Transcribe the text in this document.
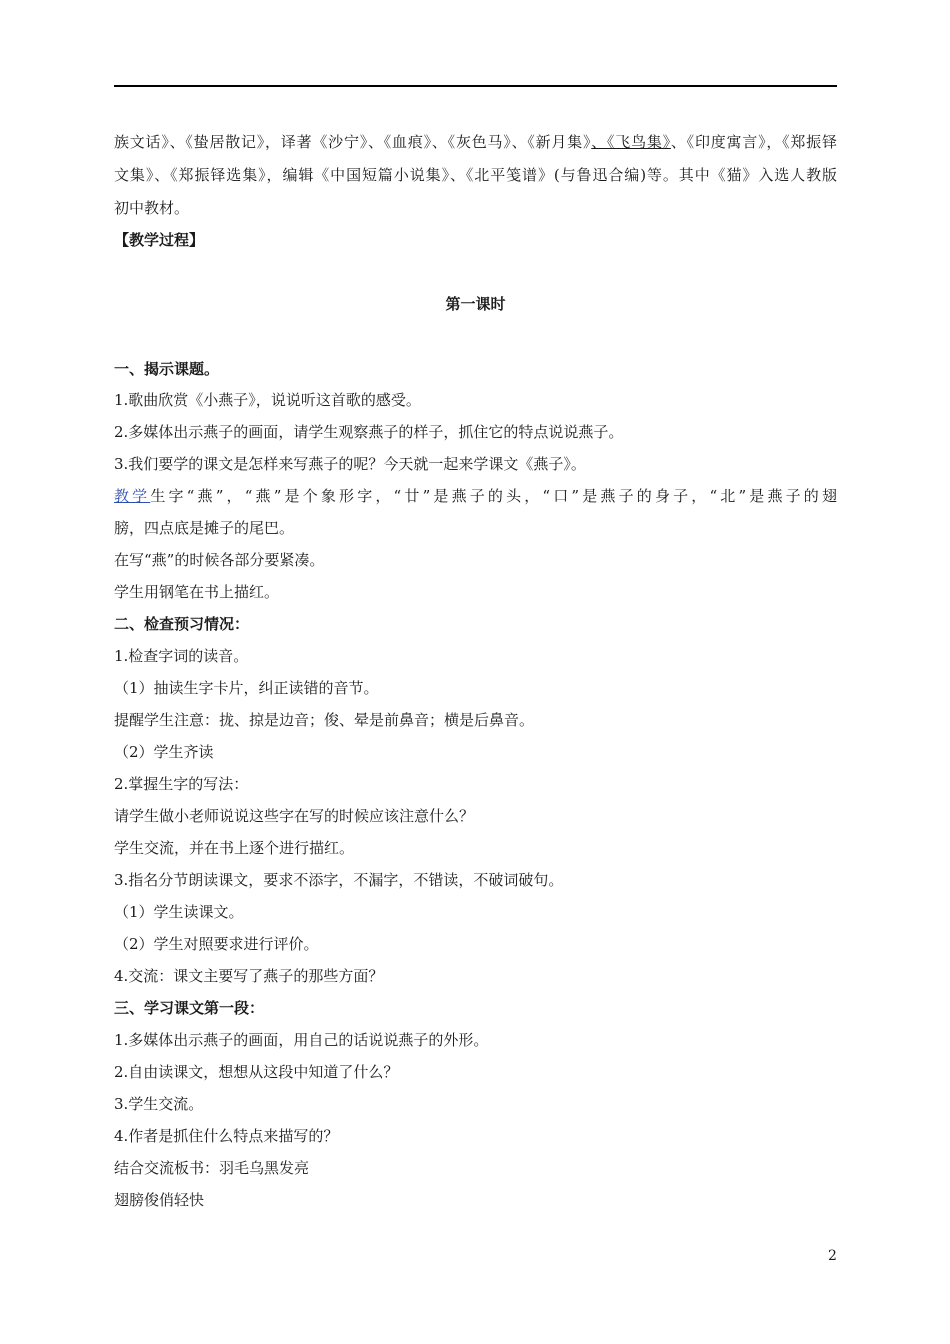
族文话》、《蛰居散记》，译著《沙宁》、《血痕》、《灰色马》、《新月集》、《飞鸟集》、《印度寓言》，《郑振铎
文集》、《郑振铎选集》，编辑《中国短篇小说集》、《北平笺谱》(与鲁迅合编)等。其中《猫》入选人教版
初中教材。
【教学过程】
第一课时
一、揭示课题。
1.歌曲欣赏《小燕子》，说说听这首歌的感受。
2.多媒体出示燕子的画面，请学生观察燕子的样子，抓住它的特点说说燕子。
3.我们要学的课文是怎样来写燕子的呢？今天就一起来学课文《燕子》。
教学生字“燕”，“燕”是个象形字，“廿”是燕子的头，“口”是燕子的身子，“北”是燕子的翅
膀，四点底是摊子的尾巴。
在写“燕”的时候各部分要紧凑。
学生用钢笔在书上描红。
二、检查预习情况：
1.检查字词的读音。
（1）抽读生字卡片，纠正读错的音节。
提醒学生注意：拢、掠是边音；俊、晕是前鼻音；横是后鼻音。
（2）学生齐读
2.掌握生字的写法：
请学生做小老师说说这些字在写的时候应该注意什么？
学生交流，并在书上逐个进行描红。
3.指名分节朗读课文，要求不添字，不漏字，不错读，不破词破句。
（1）学生读课文。
（2）学生对照要求进行评价。
4.交流：课文主要写了燕子的那些方面？
三、学习课文第一段：
1.多媒体出示燕子的画面，用自己的话说说燕子的外形。
2.自由读课文，想想从这段中知道了什么？
3.学生交流。
4.作者是抓住什么特点来描写的？
结合交流板书：羽毛乌黑发亮
翅膀俊俏轻快
2
